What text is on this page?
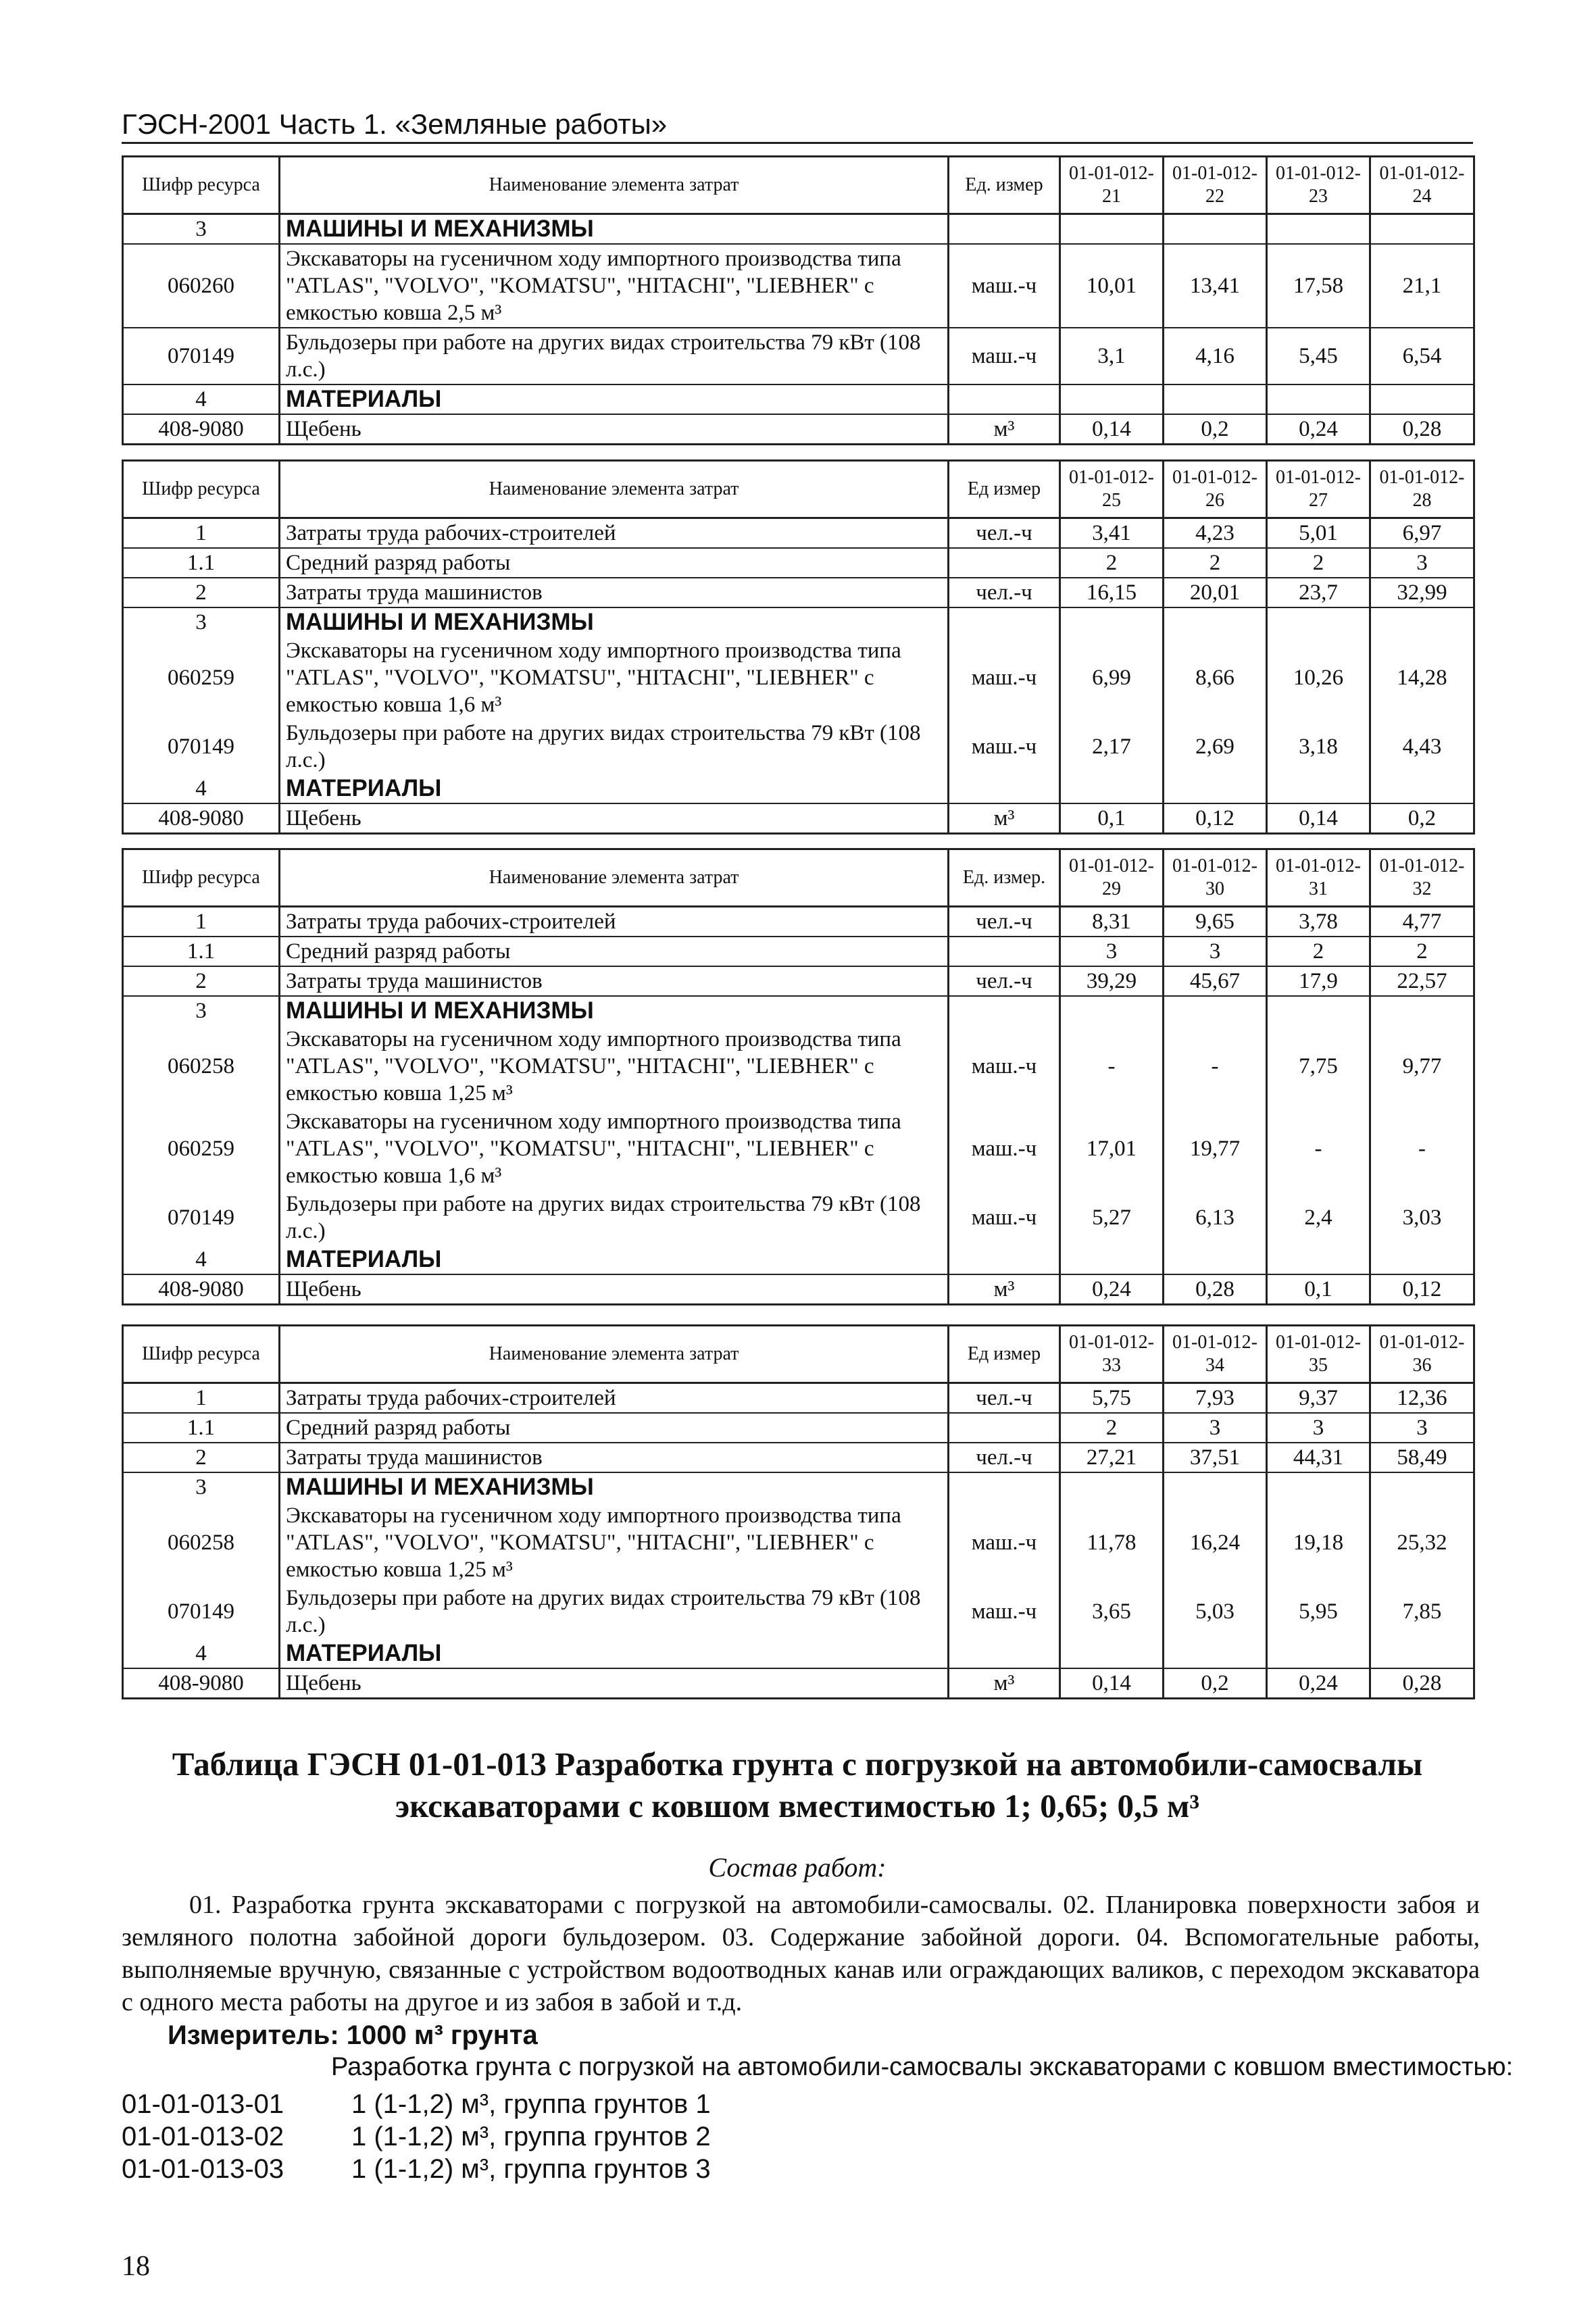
ГЭСН-2001 Часть 1. «Земляные работы»
Шифр ресурса	Наименование элемента затрат	Ед. измер	01-01-012-21	01-01-012-22	01-01-012-23	01-01-012-24
3	МАШИНЫ И МЕХАНИЗМЫ					
060260	Экскаваторы на гусеничном ходу импортного производства типа "ATLAS", "VOLVO", "KOMATSU", "HITACHI", "LIEBHER" с емкостью ковша 2,5 м³	маш.-ч	10,01	13,41	17,58	21,1
070149	Бульдозеры при работе на других видах строительства 79 кВт (108 л.с.)	маш.-ч	3,1	4,16	5,45	6,54
4	МАТЕРИАЛЫ					
408-9080	Щебень	м³	0,14	0,2	0,24	0,28
Шифр ресурса	Наименование элемента затрат	Ед измер	01-01-012-25	01-01-012-26	01-01-012-27	01-01-012-28
1	Затраты труда рабочих-строителей	чел.-ч	3,41	4,23	5,01	6,97
1.1	Средний разряд работы		2	2	2	3
2	Затраты труда машинистов	чел.-ч	16,15	20,01	23,7	32,99
3	МАШИНЫ И МЕХАНИЗМЫ					
060259	Экскаваторы на гусеничном ходу импортного производства типа "ATLAS", "VOLVO", "KOMATSU", "HITACHI", "LIEBHER" с емкостью ковша 1,6 м³	маш.-ч	6,99	8,66	10,26	14,28
070149	Бульдозеры при работе на других видах строительства 79 кВт (108 л.с.)	маш.-ч	2,17	2,69	3,18	4,43
4	МАТЕРИАЛЫ					
408-9080	Щебень	м³	0,1	0,12	0,14	0,2
Шифр ресурса	Наименование элемента затрат	Ед. измер.	01-01-012-29	01-01-012-30	01-01-012-31	01-01-012-32
1	Затраты труда рабочих-строителей	чел.-ч	8,31	9,65	3,78	4,77
1.1	Средний разряд работы		3	3	2	2
2	Затраты труда машинистов	чел.-ч	39,29	45,67	17,9	22,57
3	МАШИНЫ И МЕХАНИЗМЫ					
060258	Экскаваторы на гусеничном ходу импортного производства типа "ATLAS", "VOLVO", "KOMATSU", "HITACHI", "LIEBHER" с емкостью ковша 1,25 м³	маш.-ч	-	-	7,75	9,77
060259	Экскаваторы на гусеничном ходу импортного производства типа "ATLAS", "VOLVO", "KOMATSU", "HITACHI", "LIEBHER" с емкостью ковша 1,6 м³	маш.-ч	17,01	19,77	-	-
070149	Бульдозеры при работе на других видах строительства 79 кВт (108 л.с.)	маш.-ч	5,27	6,13	2,4	3,03
4	МАТЕРИАЛЫ					
408-9080	Щебень	м³	0,24	0,28	0,1	0,12
Шифр ресурса	Наименование элемента затрат	Ед измер	01-01-012-33	01-01-012-34	01-01-012-35	01-01-012-36
1	Затраты труда рабочих-строителей	чел.-ч	5,75	7,93	9,37	12,36
1.1	Средний разряд работы		2	3	3	3
2	Затраты труда машинистов	чел.-ч	27,21	37,51	44,31	58,49
3	МАШИНЫ И МЕХАНИЗМЫ					
060258	Экскаваторы на гусеничном ходу импортного производства типа "ATLAS", "VOLVO", "KOMATSU", "HITACHI", "LIEBHER" с емкостью ковша 1,25 м³	маш.-ч	11,78	16,24	19,18	25,32
070149	Бульдозеры при работе на других видах строительства 79 кВт (108 л.с.)	маш.-ч	3,65	5,03	5,95	7,85
4	МАТЕРИАЛЫ					
408-9080	Щебень	м³	0,14	0,2	0,24	0,28
Таблица ГЭСН 01-01-013 Разработка грунта с погрузкой на автомобили-самосвалы экскаваторами с ковшом вместимостью 1; 0,65; 0,5 м³
Состав работ:
01. Разработка грунта экскаваторами с погрузкой на автомобили-самосвалы. 02. Планировка поверхности забоя и земляного полотна забойной дороги бульдозером. 03. Содержание забойной дороги. 04. Вспомогательные работы, выполняемые вручную, связанные с устройством водоотводных канав или ограждающих валиков, с переходом экскаватора с одного места работы на другое и из забоя в забой и т.д.
Измеритель: 1000 м³ грунта
Разработка грунта с погрузкой на автомобили-самосвалы экскаваторами с ковшом вместимостью:
01-01-013-01 1 (1-1,2) м³, группа грунтов 1
01-01-013-02 1 (1-1,2) м³, группа грунтов 2
01-01-013-03 1 (1-1,2) м³, группа грунтов 3
18
